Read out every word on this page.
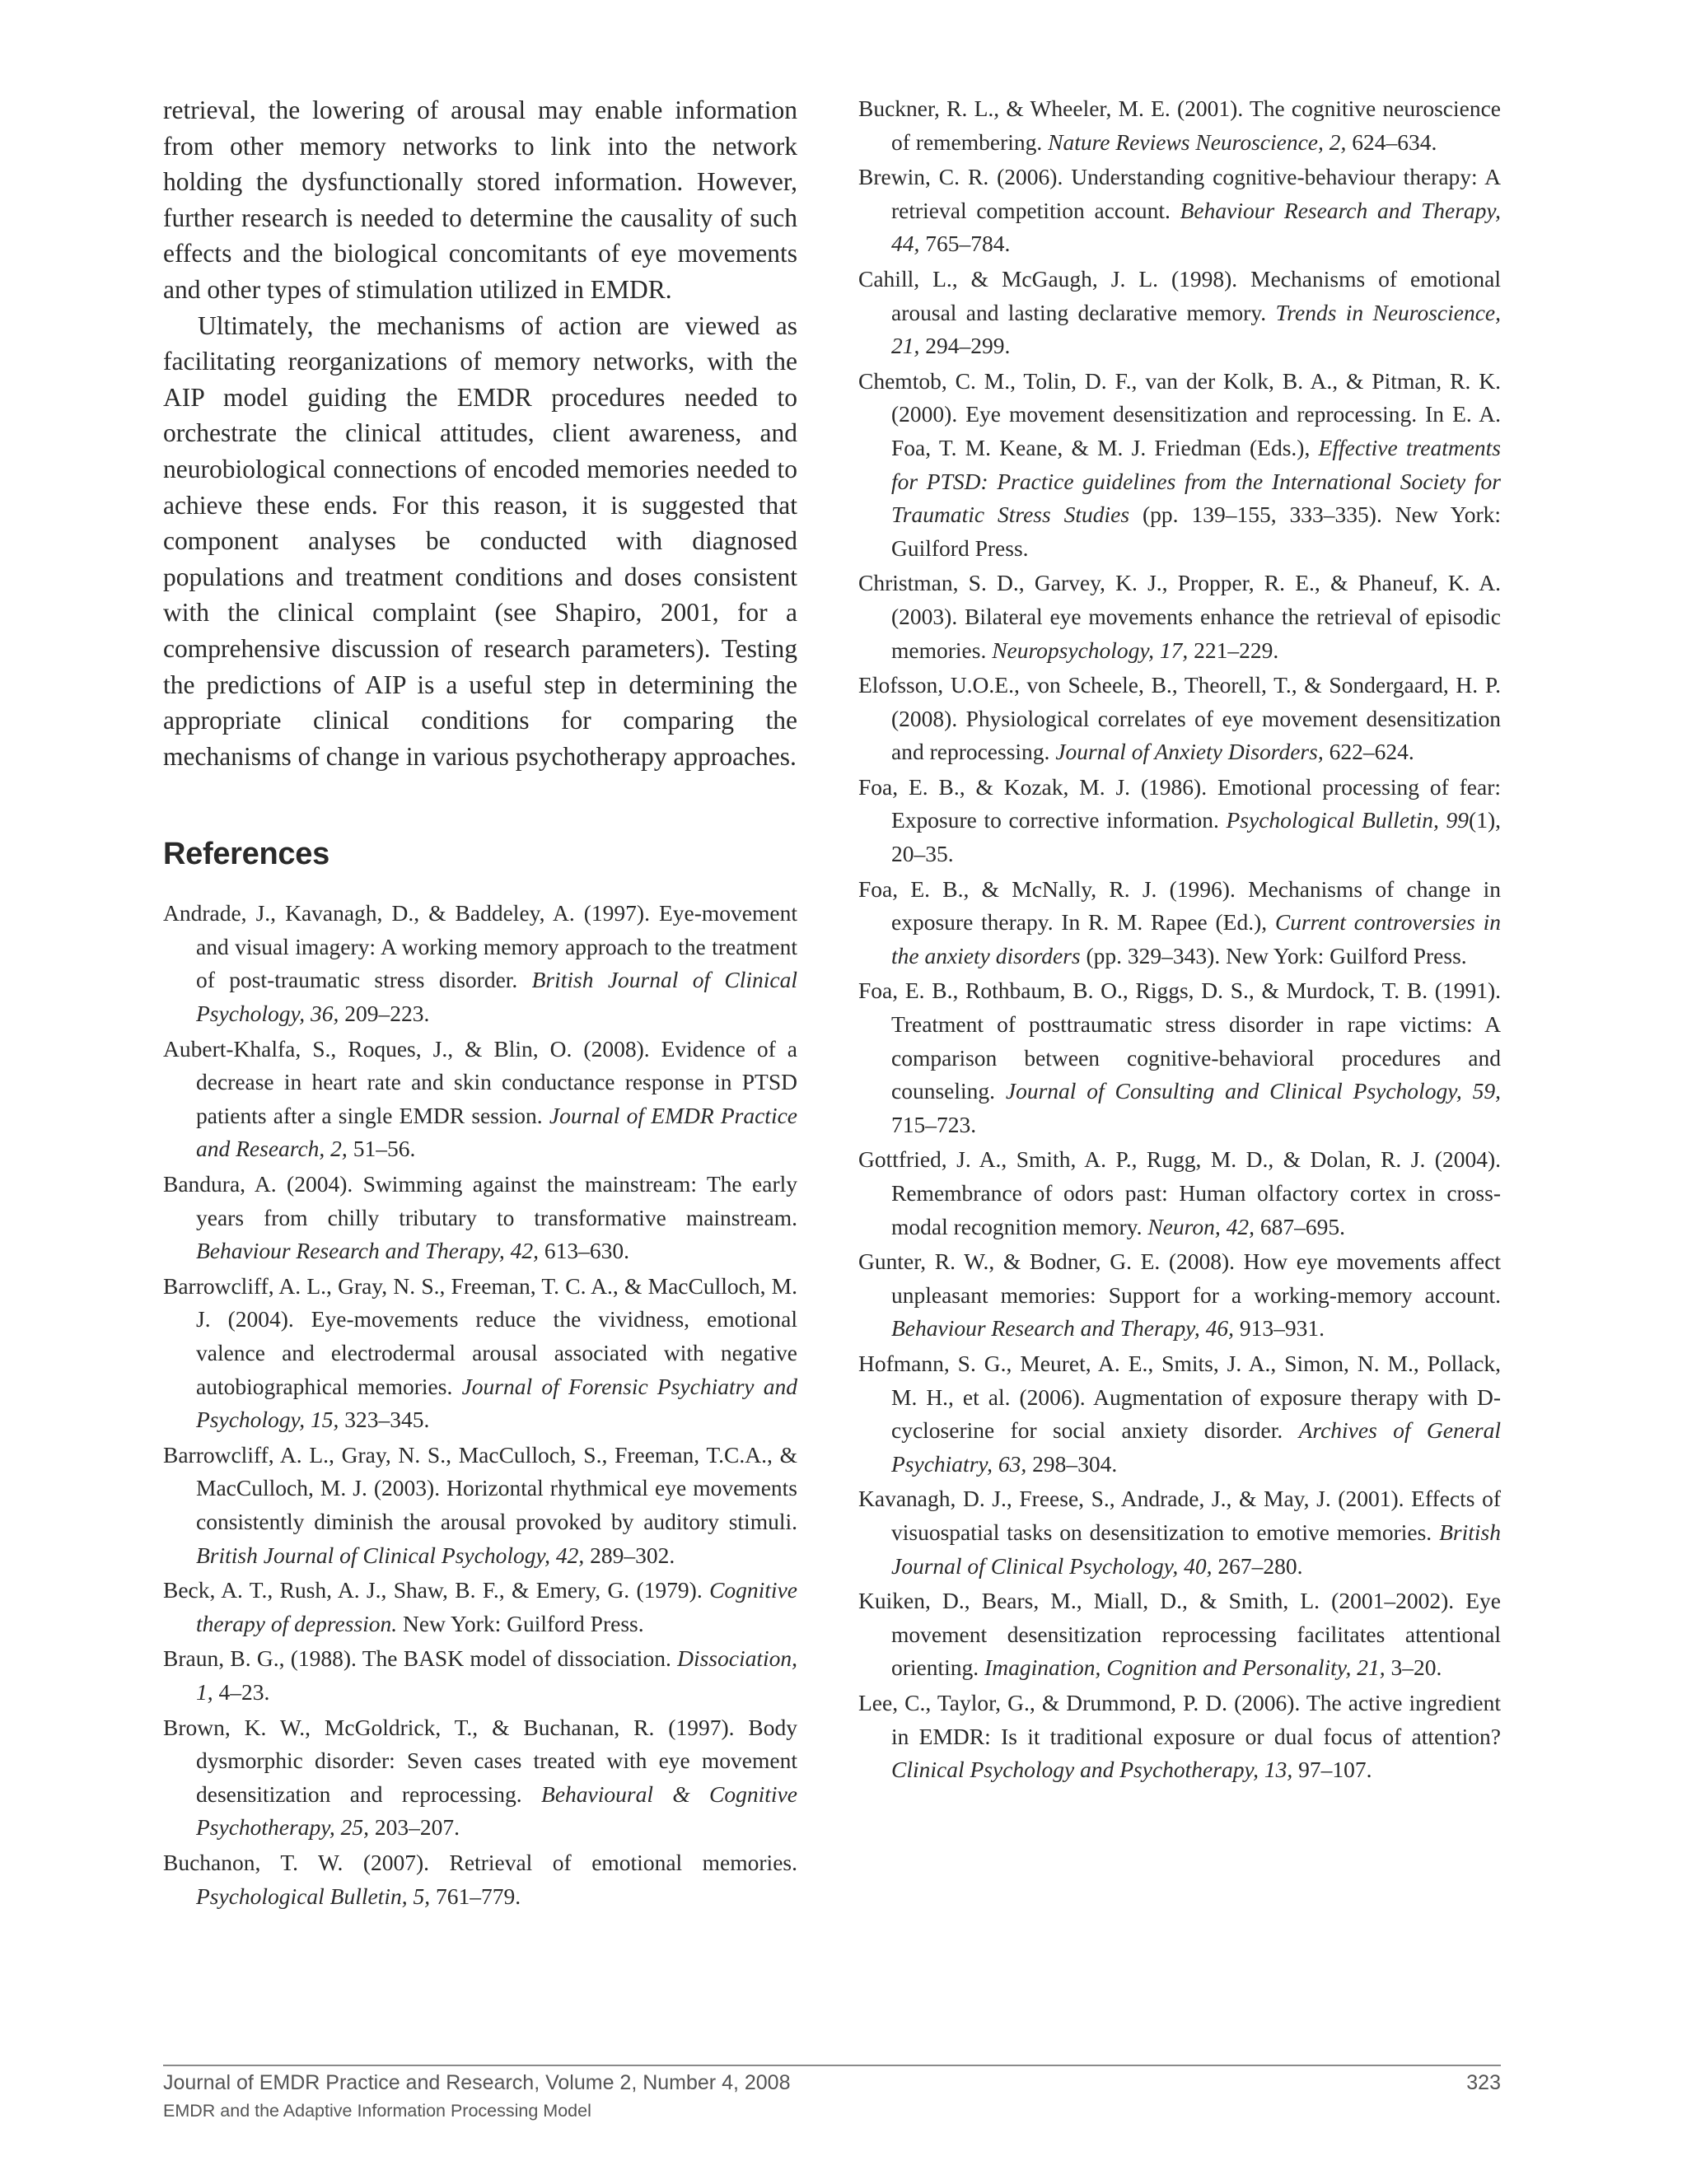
retrieval, the lowering of arousal may enable information from other memory networks to link into the network holding the dysfunctionally stored information. However, further research is needed to determine the causality of such effects and the biological concomitants of eye movements and other types of stimulation utilized in EMDR.

Ultimately, the mechanisms of action are viewed as facilitating reorganizations of memory networks, with the AIP model guiding the EMDR procedures needed to orchestrate the clinical attitudes, client awareness, and neurobiological connections of encoded memories needed to achieve these ends. For this reason, it is suggested that component analyses be conducted with diagnosed populations and treatment conditions and doses consistent with the clinical complaint (see Shapiro, 2001, for a comprehensive discussion of research parameters). Testing the predictions of AIP is a useful step in determining the appropriate clinical conditions for comparing the mechanisms of change in various psychotherapy approaches.

References

Andrade, J., Kavanagh, D., & Baddeley, A. (1997). Eye-movement and visual imagery: A working memory approach to the treatment of post-traumatic stress disorder. British Journal of Clinical Psychology, 36, 209–223.

Aubert-Khalfa, S., Roques, J., & Blin, O. (2008). Evidence of a decrease in heart rate and skin conductance response in PTSD patients after a single EMDR session. Journal of EMDR Practice and Research, 2, 51–56.

Bandura, A. (2004). Swimming against the mainstream: The early years from chilly tributary to transformative mainstream. Behaviour Research and Therapy, 42, 613–630.

Barrowcliff, A. L., Gray, N. S., Freeman, T. C. A., & MacCulloch, M. J. (2004). Eye-movements reduce the vividness, emotional valence and electrodermal arousal associated with negative autobiographical memories. Journal of Forensic Psychiatry and Psychology, 15, 323–345.

Barrowcliff, A. L., Gray, N. S., MacCulloch, S., Freeman, T.C.A., & MacCulloch, M. J. (2003). Horizontal rhythmical eye movements consistently diminish the arousal provoked by auditory stimuli. British Journal of Clinical Psychology, 42, 289–302.

Beck, A. T., Rush, A. J., Shaw, B. F., & Emery, G. (1979). Cognitive therapy of depression. New York: Guilford Press.

Braun, B. G., (1988). The BASK model of dissociation. Dissociation, 1, 4–23.

Brown, K. W., McGoldrick, T., & Buchanan, R. (1997). Body dysmorphic disorder: Seven cases treated with eye movement desensitization and reprocessing. Behavioural & Cognitive Psychotherapy, 25, 203–207.

Buchanon, T. W. (2007). Retrieval of emotional memories. Psychological Bulletin, 5, 761–779.

Buckner, R. L., & Wheeler, M. E. (2001). The cognitive neuroscience of remembering. Nature Reviews Neuroscience, 2, 624–634.

Brewin, C. R. (2006). Understanding cognitive-behaviour therapy: A retrieval competition account. Behaviour Research and Therapy, 44, 765–784.

Cahill, L., & McGaugh, J. L. (1998). Mechanisms of emotional arousal and lasting declarative memory. Trends in Neuroscience, 21, 294–299.

Chemtob, C. M., Tolin, D. F., van der Kolk, B. A., & Pitman, R. K. (2000). Eye movement desensitization and reprocessing. In E. A. Foa, T. M. Keane, & M. J. Friedman (Eds.), Effective treatments for PTSD: Practice guidelines from the International Society for Traumatic Stress Studies (pp. 139–155, 333–335). New York: Guilford Press.

Christman, S. D., Garvey, K. J., Propper, R. E., & Phaneuf, K. A. (2003). Bilateral eye movements enhance the retrieval of episodic memories. Neuropsychology, 17, 221–229.

Elofsson, U.O.E., von Scheele, B., Theorell, T., & Sondergaard, H. P. (2008). Physiological correlates of eye movement desensitization and reprocessing. Journal of Anxiety Disorders, 622–624.

Foa, E. B., & Kozak, M. J. (1986). Emotional processing of fear: Exposure to corrective information. Psychological Bulletin, 99(1), 20–35.

Foa, E. B., & McNally, R. J. (1996). Mechanisms of change in exposure therapy. In R. M. Rapee (Ed.), Current controversies in the anxiety disorders (pp. 329–343). New York: Guilford Press.

Foa, E. B., Rothbaum, B. O., Riggs, D. S., & Murdock, T. B. (1991). Treatment of posttraumatic stress disorder in rape victims: A comparison between cognitive-behavioral procedures and counseling. Journal of Consulting and Clinical Psychology, 59, 715–723.

Gottfried, J. A., Smith, A. P., Rugg, M. D., & Dolan, R. J. (2004). Remembrance of odors past: Human olfactory cortex in cross-modal recognition memory. Neuron, 42, 687–695.

Gunter, R. W., & Bodner, G. E. (2008). How eye movements affect unpleasant memories: Support for a working-memory account. Behaviour Research and Therapy, 46, 913–931.

Hofmann, S. G., Meuret, A. E., Smits, J. A., Simon, N. M., Pollack, M. H., et al. (2006). Augmentation of exposure therapy with D-cycloserine for social anxiety disorder. Archives of General Psychiatry, 63, 298–304.

Kavanagh, D. J., Freese, S., Andrade, J., & May, J. (2001). Effects of visuospatial tasks on desensitization to emotive memories. British Journal of Clinical Psychology, 40, 267–280.

Kuiken, D., Bears, M., Miall, D., & Smith, L. (2001–2002). Eye movement desensitization reprocessing facilitates attentional orienting. Imagination, Cognition and Personality, 21, 3–20.

Lee, C., Taylor, G., & Drummond, P. D. (2006). The active ingredient in EMDR: Is it traditional exposure or dual focus of attention? Clinical Psychology and Psychotherapy, 13, 97–107.

Journal of EMDR Practice and Research, Volume 2, Number 4, 2008	323
EMDR and the Adaptive Information Processing Model
